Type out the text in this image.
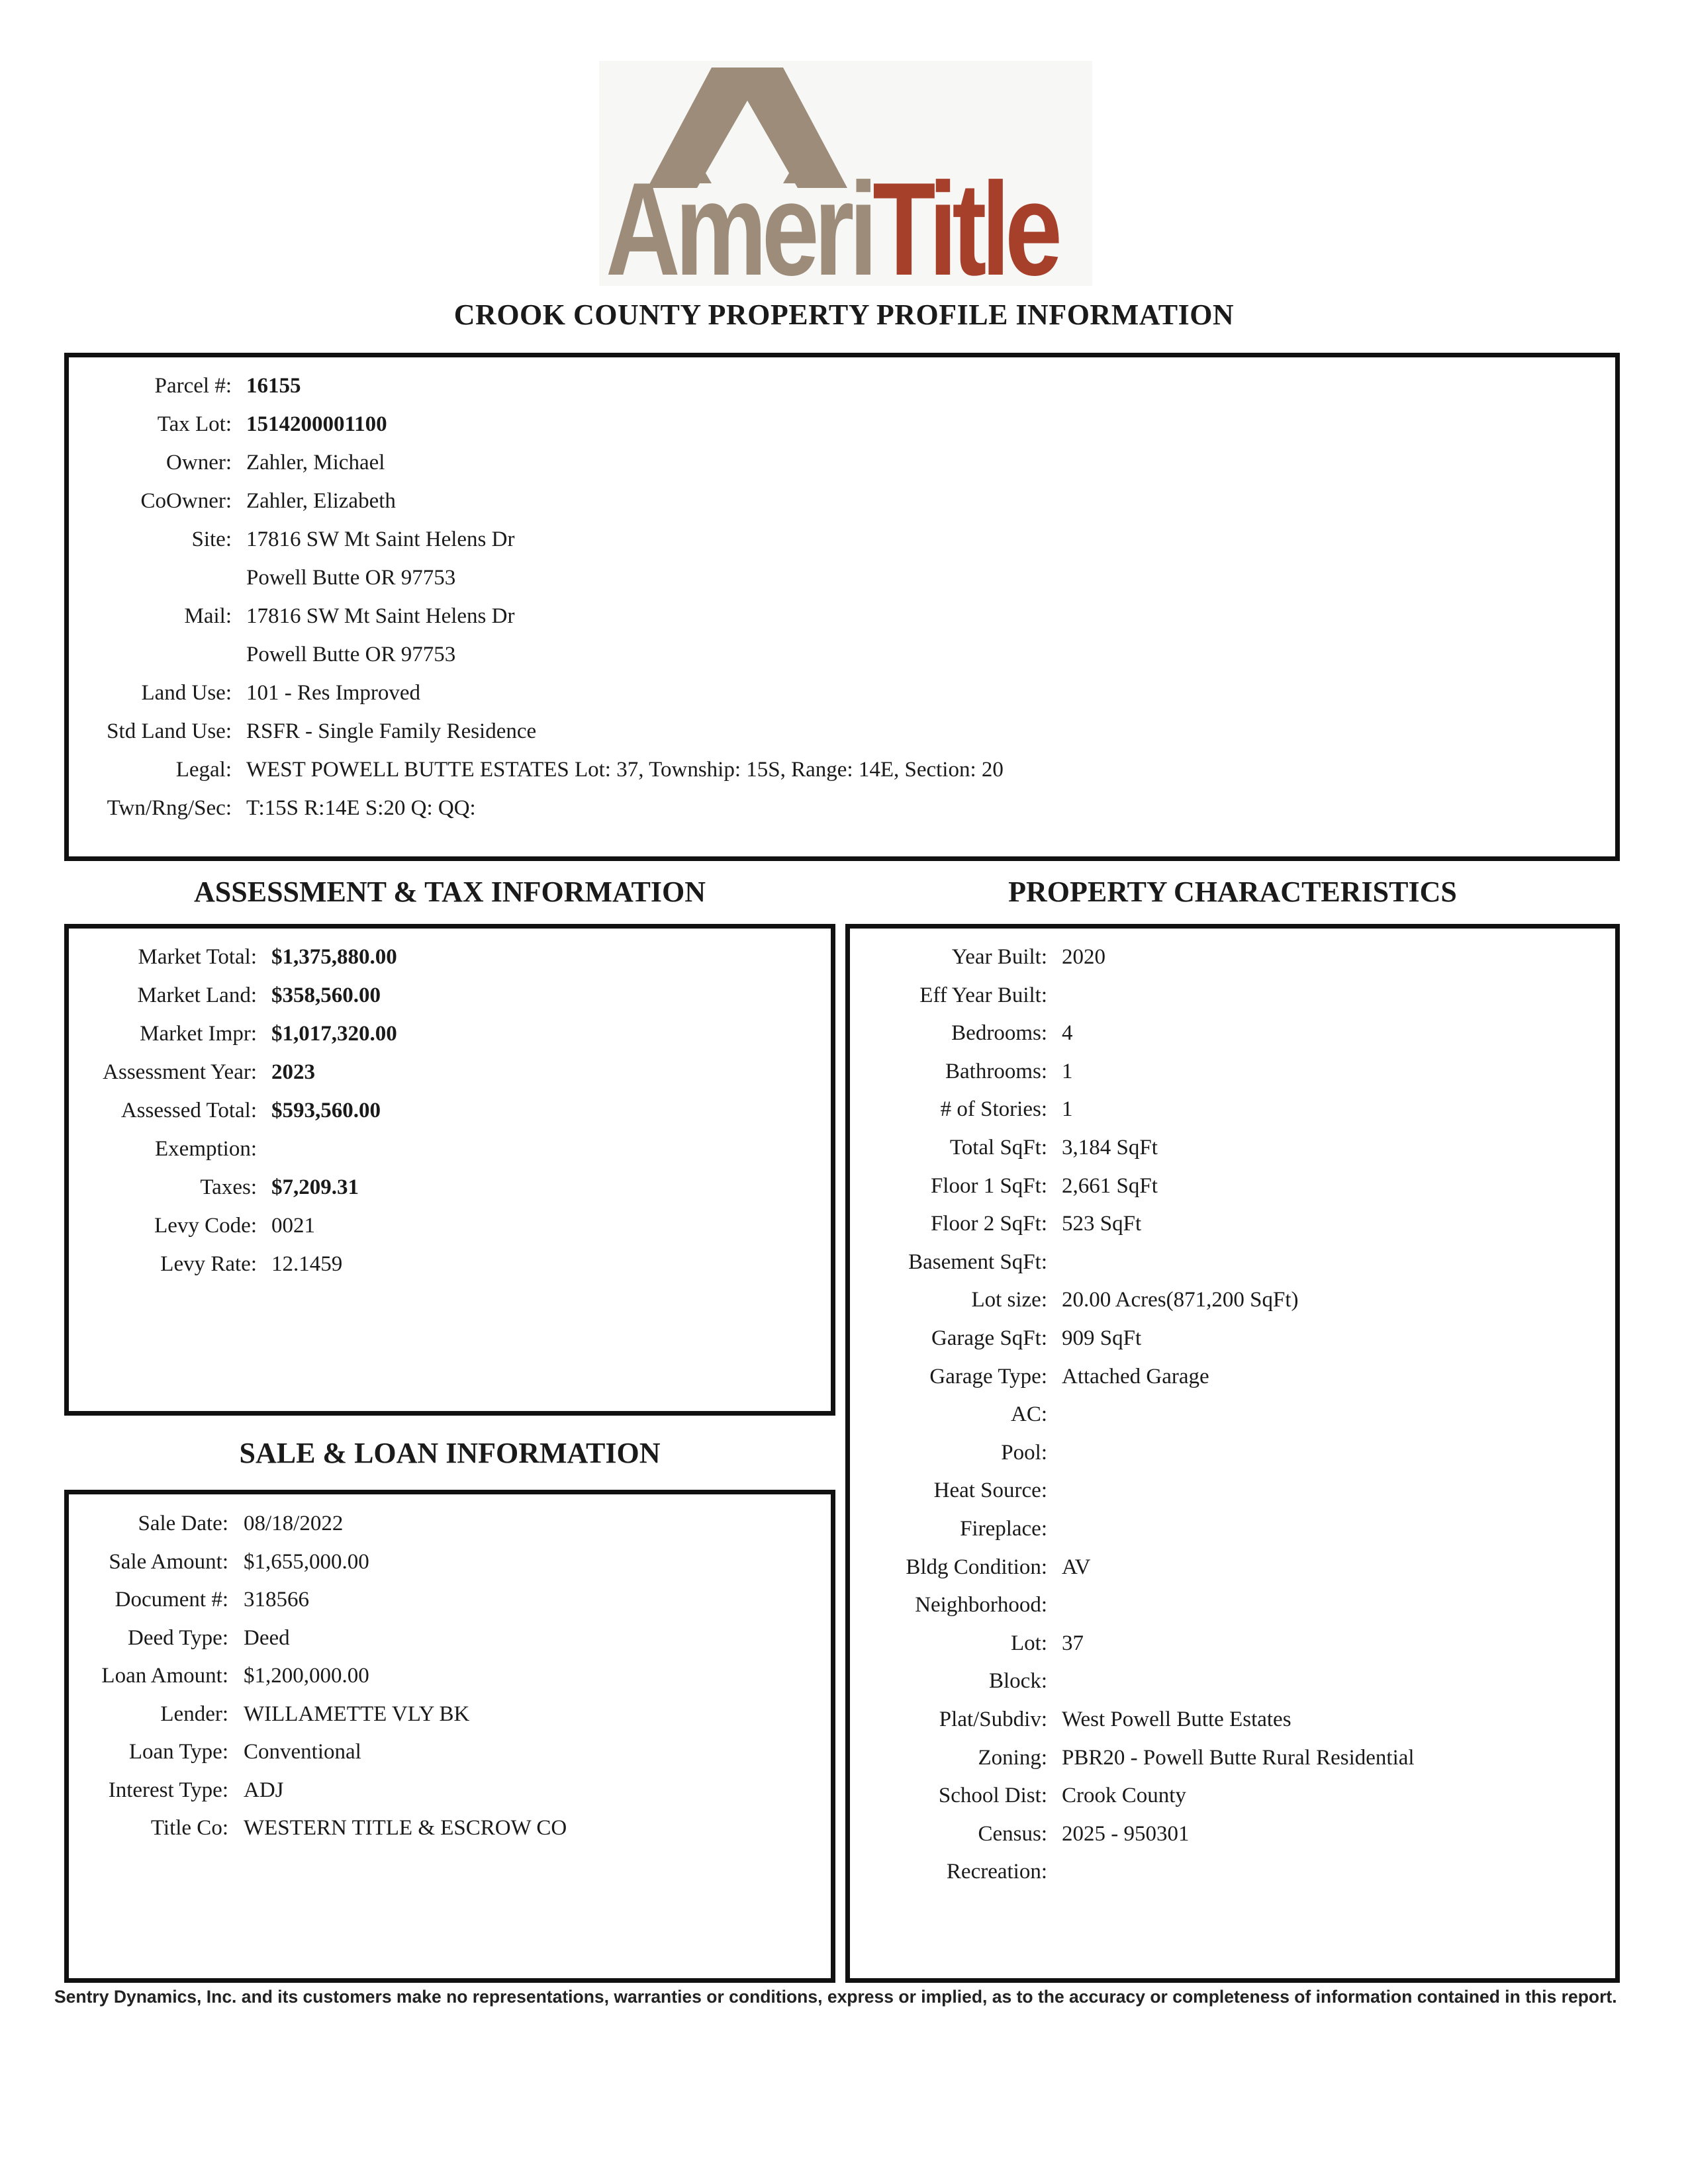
AmeriTitle
CROOK COUNTY PROPERTY PROFILE INFORMATION
Parcel #: 16155
Tax Lot: 1514200001100
Owner: Zahler, Michael
CoOwner: Zahler, Elizabeth
Site: 17816 SW Mt Saint Helens Dr
Powell Butte OR 97753
Mail: 17816 SW Mt Saint Helens Dr
Powell Butte OR 97753
Land Use: 101 - Res Improved
Std Land Use: RSFR - Single Family Residence
Legal: WEST POWELL BUTTE ESTATES Lot: 37, Township: 15S, Range: 14E, Section: 20
Twn/Rng/Sec: T:15S R:14E S:20 Q: QQ:
ASSESSMENT & TAX INFORMATION
Market Total: $1,375,880.00
Market Land: $358,560.00
Market Impr: $1,017,320.00
Assessment Year: 2023
Assessed Total: $593,560.00
Exemption:
Taxes: $7,209.31
Levy Code: 0021
Levy Rate: 12.1459
SALE & LOAN INFORMATION
Sale Date: 08/18/2022
Sale Amount: $1,655,000.00
Document #: 318566
Deed Type: Deed
Loan Amount: $1,200,000.00
Lender: WILLAMETTE VLY BK
Loan Type: Conventional
Interest Type: ADJ
Title Co: WESTERN TITLE & ESCROW CO
PROPERTY CHARACTERISTICS
Year Built: 2020
Eff Year Built:
Bedrooms: 4
Bathrooms: 1
# of Stories: 1
Total SqFt: 3,184 SqFt
Floor 1 SqFt: 2,661 SqFt
Floor 2 SqFt: 523 SqFt
Basement SqFt:
Lot size: 20.00 Acres(871,200 SqFt)
Garage SqFt: 909 SqFt
Garage Type: Attached Garage
AC:
Pool:
Heat Source:
Fireplace:
Bldg Condition: AV
Neighborhood:
Lot: 37
Block:
Plat/Subdiv: West Powell Butte Estates
Zoning: PBR20 - Powell Butte Rural Residential
School Dist: Crook County
Census: 2025 - 950301
Recreation:
Sentry Dynamics, Inc. and its customers make no representations, warranties or conditions, express or implied, as to the accuracy or completeness of information contained in this report.
